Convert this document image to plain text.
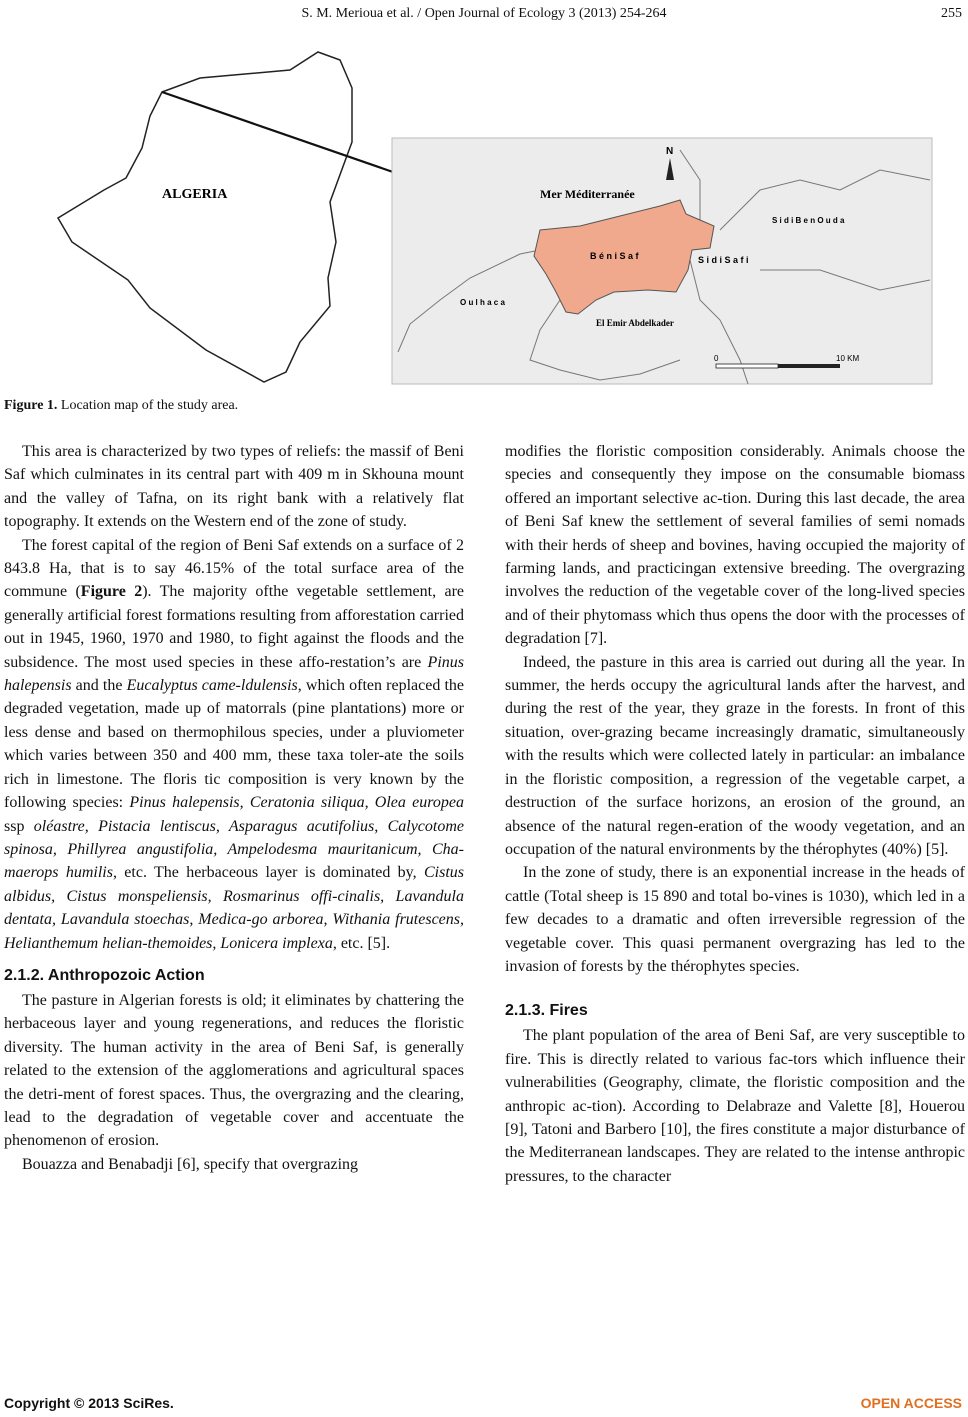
S. M. Merioua et al. / Open Journal of Ecology 3 (2013) 254-264	255
ALGERIA
N
Mer Méditerranée
B é n i S a f	S i d i S a f i
S i d i B e n O u d a
O u l h a c a
El Emir Abdelkader
0	10 KM
Figure 1. Location map of the study area.

This area is characterized by two types of reliefs: the massif of Beni Saf which culminates in its central part with 409 m in Skhouna mount and the valley of Tafna, on its right bank with a relatively flat topography. It extends on the Western end of the zone of study.

The forest capital of the region of Beni Saf extends on a surface of 2 843.8 Ha, that is to say 46.15% of the total surface area of the commune (Figure 2). The majority ofthe vegetable settlement, are generally artificial forest formations resulting from afforestation carried out in 1945, 1960, 1970 and 1980, to fight against the floods and the subsidence. The most used species in these affo-restation’s are Pinus halepensis and the Eucalyptus came-ldulensis, which often replaced the degraded vegetation, made up of matorrals (pine plantations) more or less dense and based on thermophilous species, under a pluviometer which varies between 350 and 400 mm, these taxa toler-ate the soils rich in limestone. The floris tic composition is very known by the following species: Pinus halepensis, Ceratonia siliqua, Olea europea ssp oléastre, Pistacia lentiscus, Asparagus acutifolius, Calycotome spinosa, Phillyrea angustifolia, Ampelodesma mauritanicum, Cha-maerops humilis, etc. The herbaceous layer is dominated by, Cistus albidus, Cistus monspeliensis, Rosmarinus offi-cinalis, Lavandula dentata, Lavandula stoechas, Medica-go arborea, Withania frutescens, Helianthemum helian-themoides, Lonicera implexa, etc. [5].

2.1.2. Anthropozoic Action

The pasture in Algerian forests is old; it eliminates by chattering the herbaceous layer and young regenerations, and reduces the floristic diversity. The human activity in the area of Beni Saf, is generally related to the extension of the agglomerations and agricultural spaces the detri-ment of forest spaces. Thus, the overgrazing and the clearing, lead to the degradation of vegetable cover and accentuate the phenomenon of erosion.

Bouazza and Benabadji [6], specify that overgrazing

modifies the floristic composition considerably. Animals choose the species and consequently they impose on the consumable biomass offered an important selective ac-tion. During this last decade, the area of Beni Saf knew the settlement of several families of semi nomads with their herds of sheep and bovines, having occupied the majority of farming lands, and practicingan extensive breeding. The overgrazing involves the reduction of the vegetable cover of the long-lived species and of their phytomass which thus opens the door with the processes of degradation [7].

Indeed, the pasture in this area is carried out during all the year. In summer, the herds occupy the agricultural lands after the harvest, and during the rest of the year, they graze in the forests. In front of this situation, over-grazing became increasingly dramatic, simultaneously with the results which were collected lately in particular: an imbalance in the floristic composition, a regression of the vegetable carpet, a destruction of the surface horizons, an erosion of the ground, an absence of the natural regen-eration of the woody vegetation, and an occupation of the natural environments by the thérophytes (40%) [5].

In the zone of study, there is an exponential increase in the heads of cattle (Total sheep is 15 890 and total bo-vines is 1030), which led in a few decades to a dramatic and often irreversible regression of the vegetable cover. This quasi permanent overgrazing has led to the invasion of forests by the thérophytes species.

2.1.3. Fires

The plant population of the area of Beni Saf, are very susceptible to fire. This is directly related to various fac-tors which influence their vulnerabilities (Geography, climate, the floristic composition and the anthropic ac-tion). According to Delabraze and Valette [8], Houerou [9], Tatoni and Barbero [10], the fires constitute a major disturbance of the Mediterranean landscapes. They are related to the intense anthropic pressures, to the character

Copyright © 2013 SciRes.	OPEN ACCESS
